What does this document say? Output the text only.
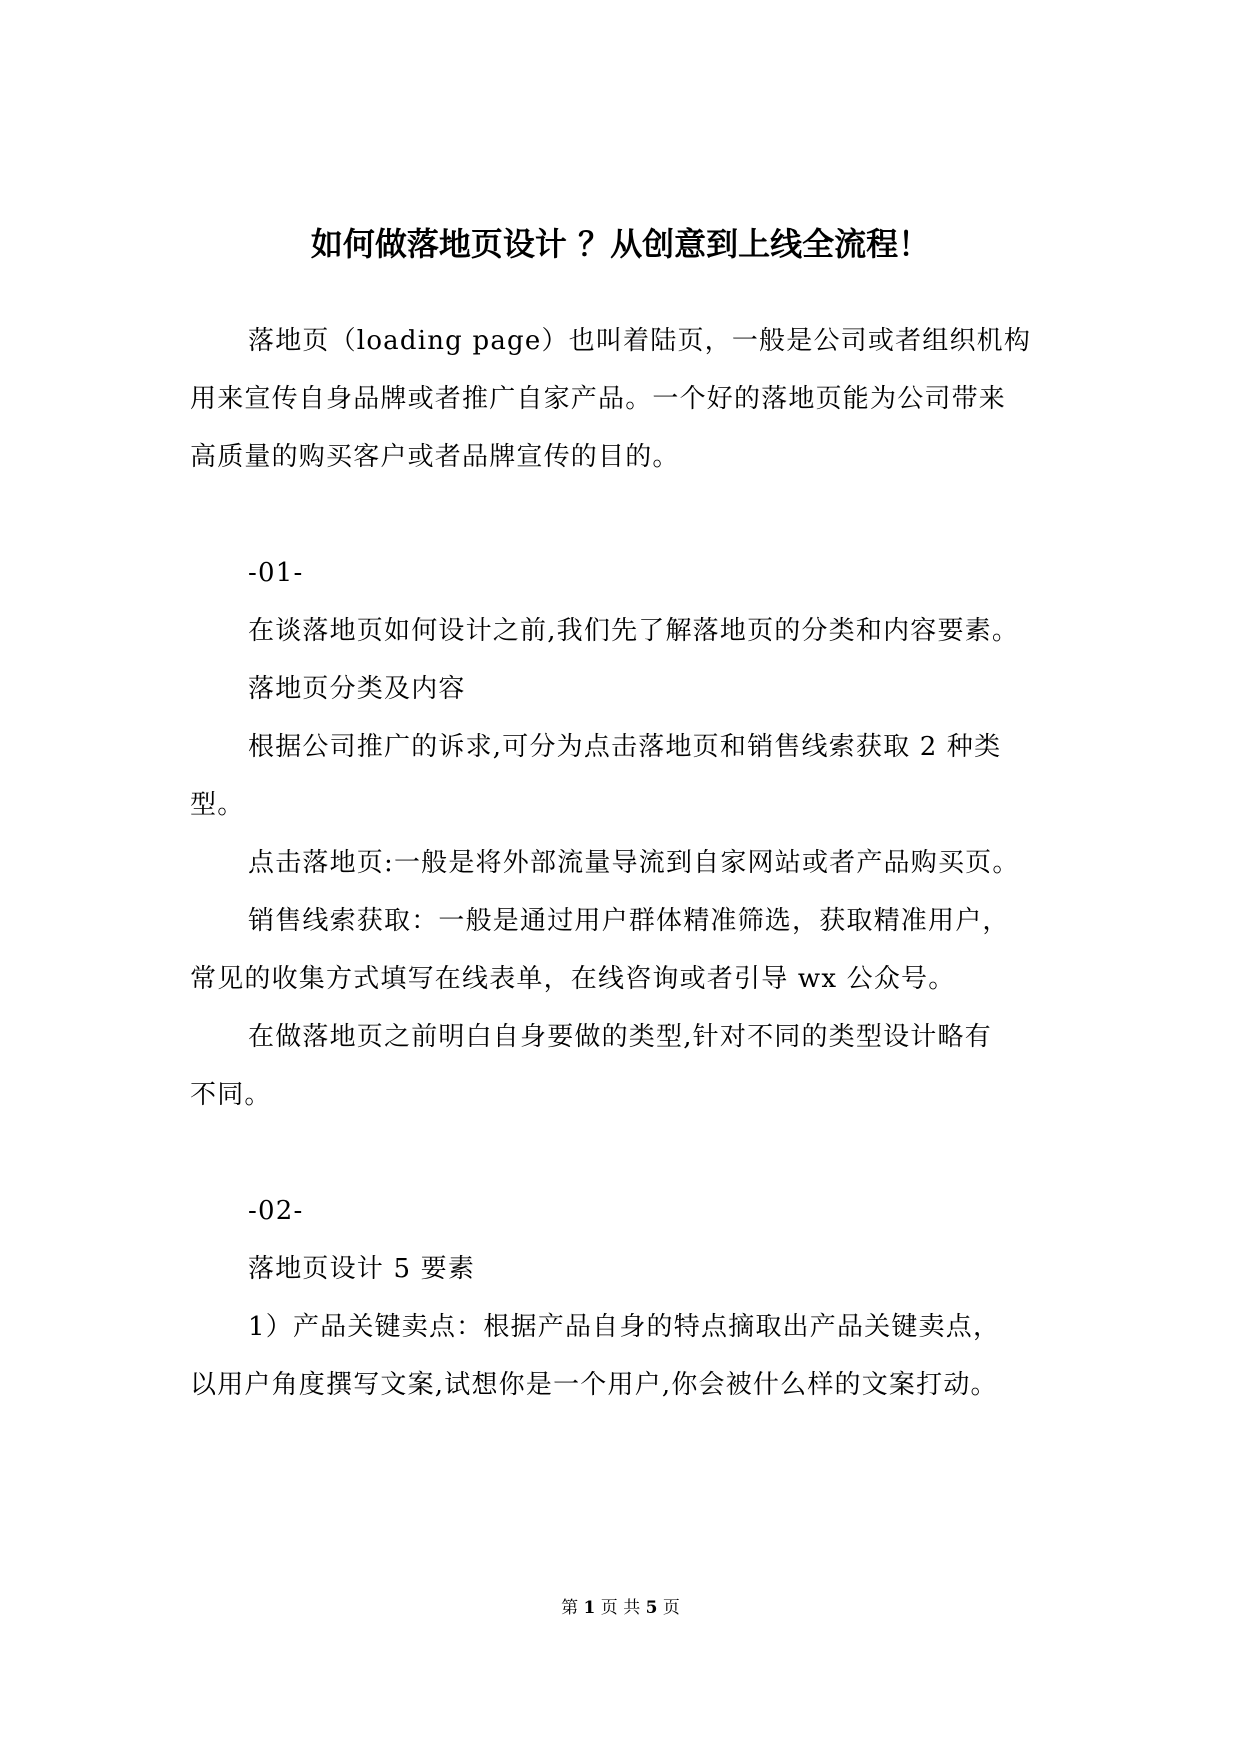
如何做落地页设计 ？从创意到上线全流程！
落地页（loading page）也叫着陆页，一般是公司或者组织机构
用来宣传自身品牌或者推广自家产品。一个好的落地页能为公司带来
高质量的购买客户或者品牌宣传的目的。
-01-
在谈落地页如何设计之前,我们先了解落地页的分类和内容要素。
落地页分类及内容
根据公司推广的诉求,可分为点击落地页和销售线索获取 2 种类
型。
点击落地页:一般是将外部流量导流到自家网站或者产品购买页。
销售线索获取：一般是通过用户群体精准筛选，获取精准用户，
常见的收集方式填写在线表单，在线咨询或者引导 wx 公众号。
在做落地页之前明白自身要做的类型,针对不同的类型设计略有
不同。
-02-
落地页设计 5 要素
1）产品关键卖点：根据产品自身的特点摘取出产品关键卖点，
以用户角度撰写文案,试想你是一个用户,你会被什么样的文案打动。
第 1 页 共 5 页
